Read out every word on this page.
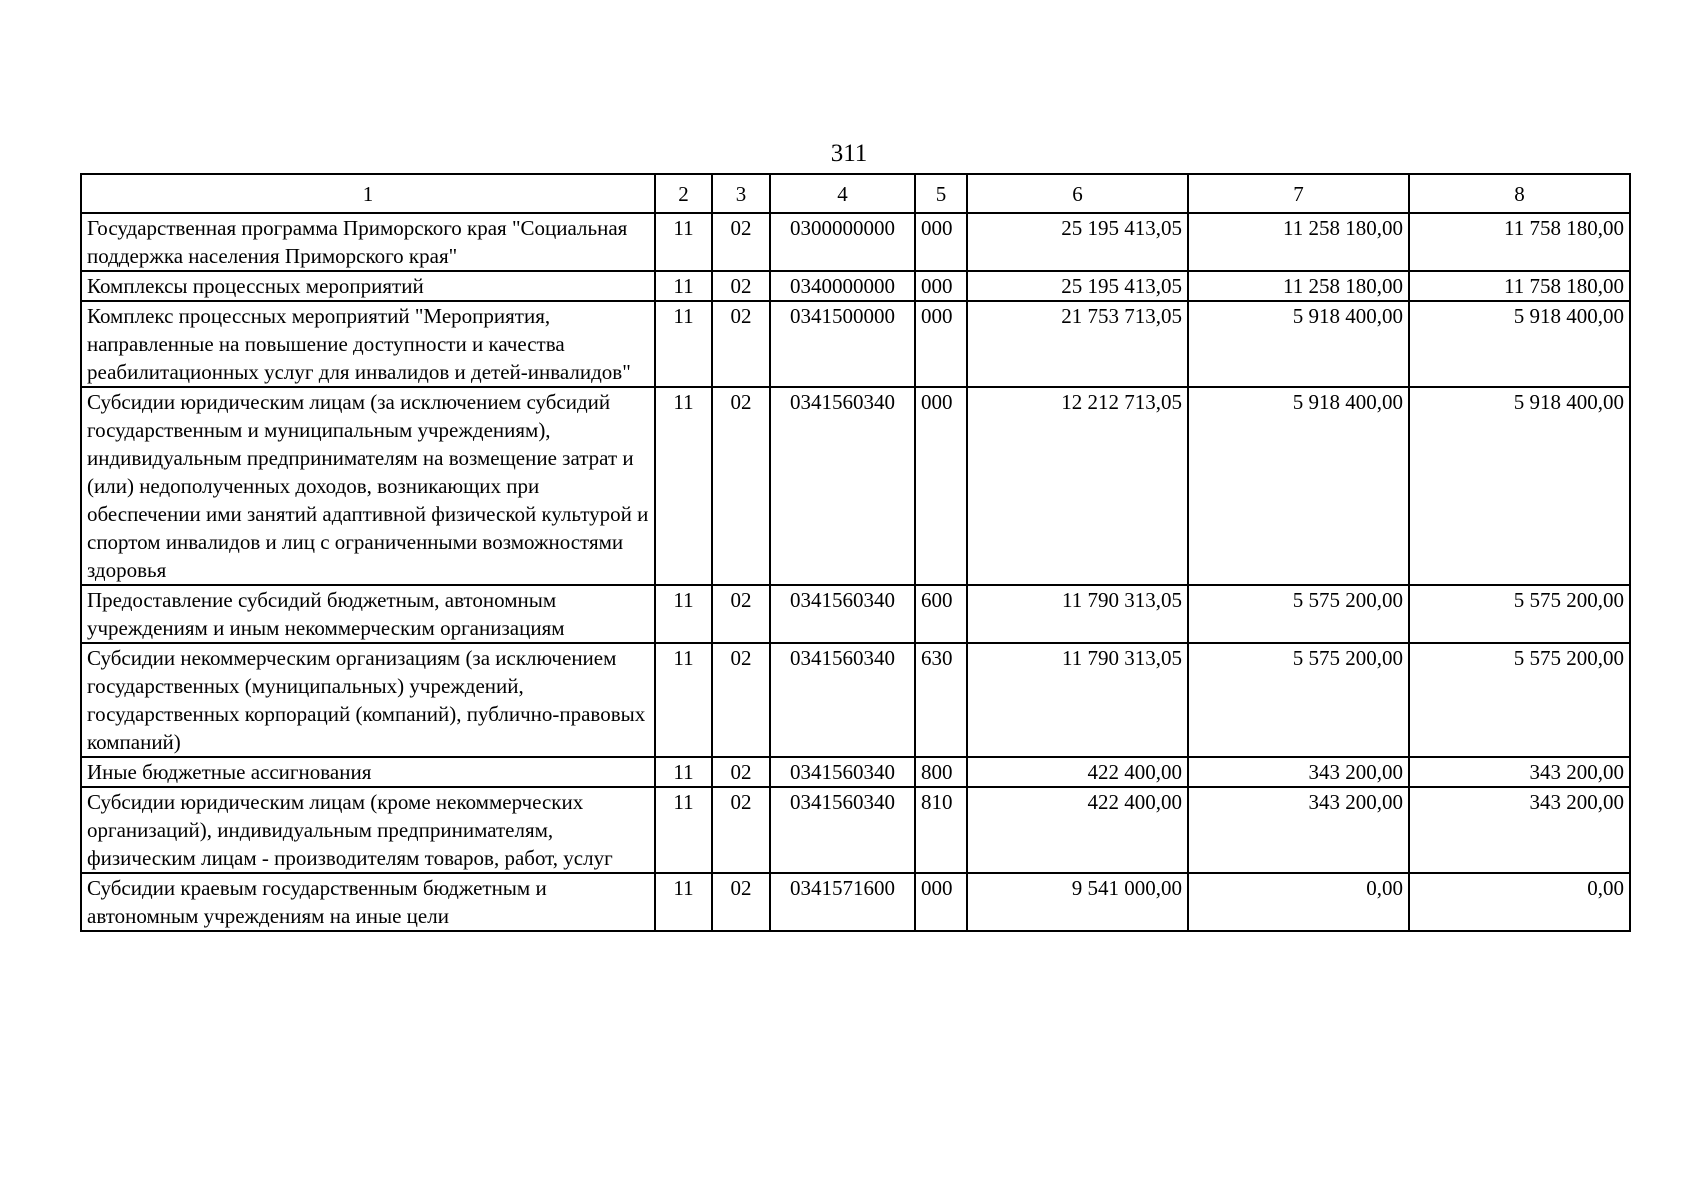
311
1	2	3	4	5	6	7	8
Государственная программа Приморского края "Социальная поддержка населения Приморского края"	11	02	0300000000	000	25 195 413,05	11 258 180,00	11 758 180,00
Комплексы процессных мероприятий	11	02	0340000000	000	25 195 413,05	11 258 180,00	11 758 180,00
Комплекс процессных мероприятий "Мероприятия, направленные на повышение доступности и качества реабилитационных услуг для инвалидов и детей-инвалидов"	11	02	0341500000	000	21 753 713,05	5 918 400,00	5 918 400,00
Субсидии юридическим лицам (за исключением субсидий государственным и муниципальным учреждениям), индивидуальным предпринимателям на возмещение затрат и (или) недополученных доходов, возникающих при обеспечении ими занятий адаптивной физической культурой и спортом инвалидов и лиц с ограниченными возможностями здоровья	11	02	0341560340	000	12 212 713,05	5 918 400,00	5 918 400,00
Предоставление субсидий бюджетным, автономным учреждениям и иным некоммерческим организациям	11	02	0341560340	600	11 790 313,05	5 575 200,00	5 575 200,00
Субсидии некоммерческим организациям (за исключением государственных (муниципальных) учреждений, государственных корпораций (компаний), публично-правовых компаний)	11	02	0341560340	630	11 790 313,05	5 575 200,00	5 575 200,00
Иные бюджетные ассигнования	11	02	0341560340	800	422 400,00	343 200,00	343 200,00
Субсидии юридическим лицам (кроме некоммерческих организаций), индивидуальным предпринимателям, физическим лицам - производителям товаров, работ, услуг	11	02	0341560340	810	422 400,00	343 200,00	343 200,00
Субсидии краевым государственным бюджетным и автономным учреждениям на иные цели	11	02	0341571600	000	9 541 000,00	0,00	0,00
